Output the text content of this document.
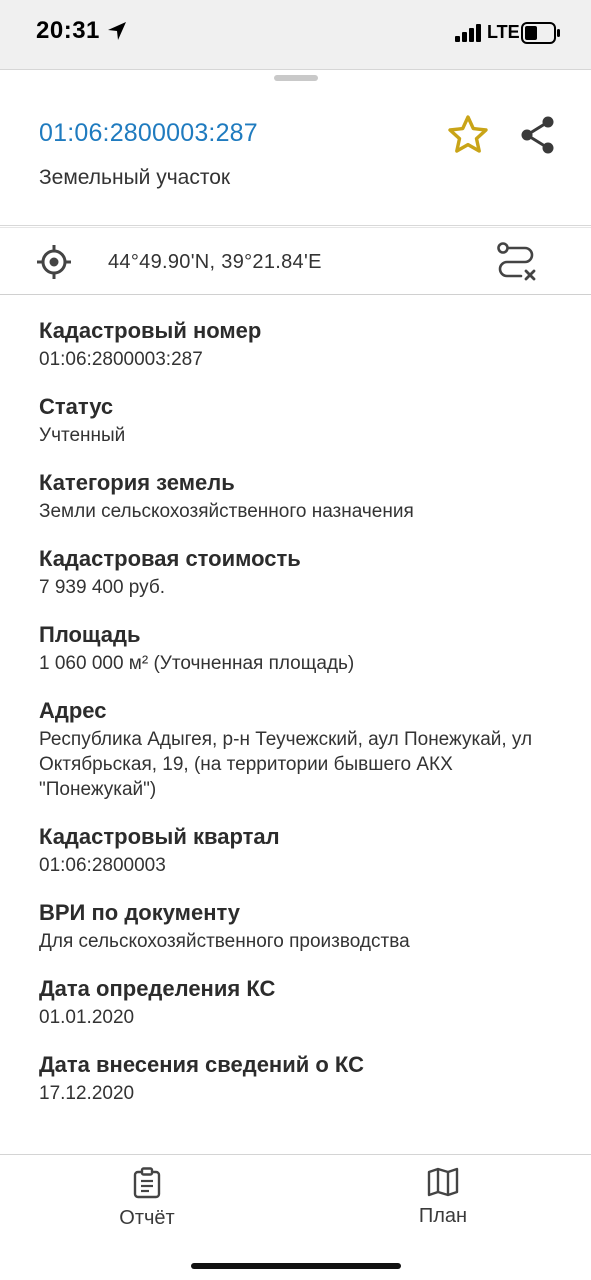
20:31	LTE
01:06:2800003:287
Земельный участок
44°49.90'N, 39°21.84'E
Кадастровый номер
01:06:2800003:287
Статус
Учтенный
Категория земель
Земли сельскохозяйственного назначения
Кадастровая стоимость
7 939 400 руб.
Площадь
1 060 000 м² (Уточненная площадь)
Адрес
Республика Адыгея, р-н Теучежский, аул Понежукай, ул Октябрьская, 19, (на территории бывшего АКХ "Понежукай")
Кадастровый квартал
01:06:2800003
ВРИ по документу
Для сельскохозяйственного производства
Дата определения КС
01.01.2020
Дата внесения сведений о КС
17.12.2020
Отчёт	План
